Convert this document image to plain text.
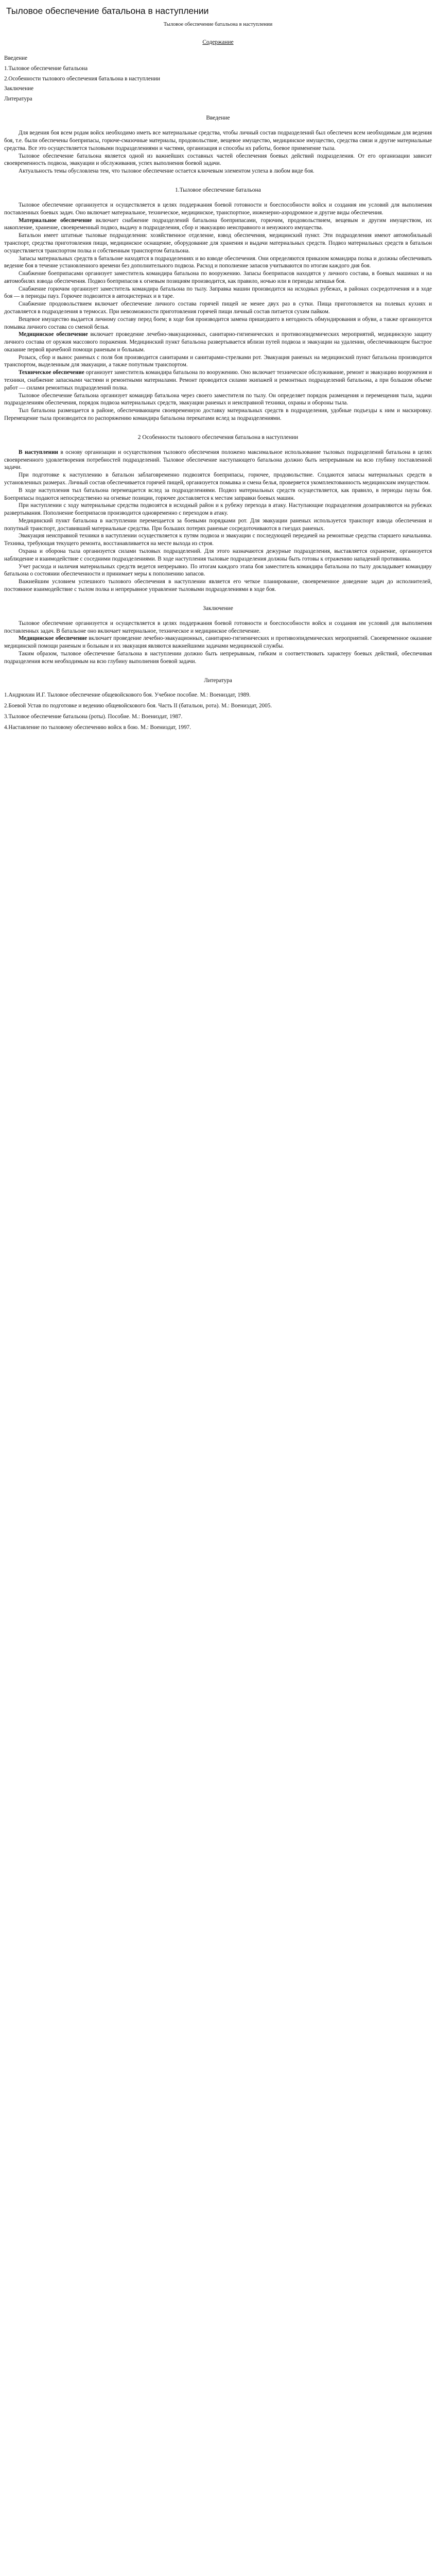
Тыловое обеспечение батальона в наступлении
Тыловое обеспечение батальона в наступлении
Содержание
Введение
1.Тыловое обеспечение батальона
2.Особенности тылового обеспечения батальона в наступлении
Заключение
Литература
Введение

Для ведения боя всем родам войск необходимо иметь все материальные средства, чтобы личный состав подразделений был обеспечен всем необходимым для ведения боя, т.е. были обеспечены боеприпасы, горюче-смазочные материалы, продовольствие, вещевое имущество, медицинское имущество, средства связи и другие материальные средства. Все это осуществляется тыловыми подразделениями и частями, организация и способы их работы, боевое применение тыла.

Тыловое обеспечение батальона является одной из важнейших составных частей обеспечения боевых действий подразделения. От его организации зависит своевременность подвоза, эвакуации и обслуживания, успех выполнения боевой задачи.

Актуальность темы обусловлена тем, что тыловое обеспечение остается ключевым элементом успеха в любом виде боя.

1.Тыловое обеспечение батальона

Тыловое обеспечение организуется и осуществляется в целях поддержания боевой готовности и боеспособности войск и создания им условий для выполнения поставленных боевых задач. Оно включает материальное, техническое, медицинское, транспортное, инженерно-аэродромное и другие виды обеспечения.

Материальное обеспечение включает снабжение подразделений батальона боеприпасами, горючим, продовольствием, вещевым и другим имуществом, их накопление, хранение, своевременный подвоз, выдачу в подразделения, сбор и эвакуацию неисправного и ненужного имущества.

Батальон имеет штатные тыловые подразделения: хозяйственное отделение, взвод обеспечения, медицинский пункт. Эти подразделения имеют автомобильный транспорт, средства приготовления пищи, медицинское оснащение, оборудование для хранения и выдачи материальных средств. Подвоз материальных средств в батальон осуществляется транспортом полка и собственным транспортом батальона.

Запасы материальных средств в батальоне находятся в подразделениях и во взводе обеспечения. Они определяются приказом командира полка и должны обеспечивать ведение боя в течение установленного времени без дополнительного подвоза. Расход и пополнение запасов учитываются по итогам каждого дня боя.

Снабжение боеприпасами организует заместитель командира батальона по вооружению. Запасы боеприпасов находятся у личного состава, в боевых машинах и на автомобилях взвода обеспечения. Подвоз боеприпасов к огневым позициям производится, как правило, ночью или в периоды затишья боя.

Снабжение горючим организует заместитель командира батальона по тылу. Заправка машин производится на исходных рубежах, в районах сосредоточения и в ходе боя — в периоды пауз. Горючее подвозится в автоцистернах и в таре.

Снабжение продовольствием включает обеспечение личного состава горячей пищей не менее двух раз в сутки. Пища приготовляется на полевых кухнях и доставляется в подразделения в термосах. При невозможности приготовления горячей пищи личный состав питается сухим пайком.

Вещевое имущество выдается личному составу перед боем; в ходе боя производится замена пришедшего в негодность обмундирования и обуви, а также организуется помывка личного состава со сменой белья.

Медицинское обеспечение включает проведение лечебно-эвакуационных, санитарно-гигиенических и противоэпидемических мероприятий, медицинскую защиту личного состава от оружия массового поражения. Медицинский пункт батальона развертывается вблизи путей подвоза и эвакуации на удалении, обеспечивающем быстрое оказание первой врачебной помощи раненым и больным.

Розыск, сбор и вынос раненых с поля боя производится санитарами и санитарами-стрелками рот. Эвакуация раненых на медицинский пункт батальона производится транспортом, выделенным для эвакуации, а также попутным транспортом.

Техническое обеспечение организует заместитель командира батальона по вооружению. Оно включает техническое обслуживание, ремонт и эвакуацию вооружения и техники, снабжение запасными частями и ремонтными материалами. Ремонт проводится силами экипажей и ремонтных подразделений батальона, а при большом объеме работ — силами ремонтных подразделений полка.

Тыловое обеспечение батальона организует командир батальона через своего заместителя по тылу. Он определяет порядок размещения и перемещения тыла, задачи подразделениям обеспечения, порядок подвоза материальных средств, эвакуации раненых и неисправной техники, охраны и обороны тыла.

Тыл батальона размещается в районе, обеспечивающем своевременную доставку материальных средств в подразделения, удобные подъезды к ним и маскировку. Перемещение тыла производится по распоряжению командира батальона перекатами вслед за подразделениями.

2 Особенности тылового обеспечения батальона в наступлении

В наступлении в основу организации и осуществления тылового обеспечения положено максимальное использование тыловых подразделений батальона в целях своевременного удовлетворения потребностей подразделений. Тыловое обеспечение наступающего батальона должно быть непрерывным на всю глубину поставленной задачи.

При подготовке к наступлению в батальон заблаговременно подвозятся боеприпасы, горючее, продовольствие. Создаются запасы материальных средств в установленных размерах. Личный состав обеспечивается горячей пищей, организуется помывка и смена белья, проверяется укомплектованность медицинским имуществом.

В ходе наступления тыл батальона перемещается вслед за подразделениями. Подвоз материальных средств осуществляется, как правило, в периоды паузы боя. Боеприпасы подаются непосредственно на огневые позиции, горючее доставляется к местам заправки боевых машин.

При наступлении с ходу материальные средства подвозятся в исходный район и к рубежу перехода в атаку. Наступающие подразделения дозаправляются на рубежах развертывания. Пополнение боеприпасов производится одновременно с переходом в атаку.

Медицинский пункт батальона в наступлении перемещается за боевыми порядками рот. Для эвакуации раненых используется транспорт взвода обеспечения и попутный транспорт, доставивший материальные средства. При больших потерях раненые сосредоточиваются в гнездах раненых.

Эвакуация неисправной техники в наступлении осуществляется к путям подвоза и эвакуации с последующей передачей на ремонтные средства старшего начальника. Техника, требующая текущего ремонта, восстанавливается на месте выхода из строя.

Охрана и оборона тыла организуется силами тыловых подразделений. Для этого назначаются дежурные подразделения, выставляется охранение, организуется наблюдение и взаимодействие с соседними подразделениями. В ходе наступления тыловые подразделения должны быть готовы к отражению нападений противника.

Учет расхода и наличия материальных средств ведется непрерывно. По итогам каждого этапа боя заместитель командира батальона по тылу докладывает командиру батальона о состоянии обеспеченности и принимает меры к пополнению запасов.

Важнейшим условием успешного тылового обеспечения в наступлении является его четкое планирование, своевременное доведение задач до исполнителей, постоянное взаимодействие с тылом полка и непрерывное управление тыловыми подразделениями в ходе боя.

Заключение

Тыловое обеспечение организуется и осуществляется в целях поддержания боевой готовности и боеспособности войск и создания им условий для выполнения поставленных задач. В батальоне оно включает материальное, техническое и медицинское обеспечение.

Медицинское обеспечение включает проведение лечебно-эвакуационных, санитарно-гигиенических и противоэпидемических мероприятий. Своевременное оказание медицинской помощи раненым и больным и их эвакуация являются важнейшими задачами медицинской службы.

Таким образом, тыловое обеспечение батальона в наступлении должно быть непрерывным, гибким и соответствовать характеру боевых действий, обеспечивая подразделения всем необходимым на всю глубину выполнения боевой задачи.

Литература
1.Андрюхин И.Г. Тыловое обеспечение общевойскового боя. Учебное пособие. М.: Воениздат, 1989.
2.Боевой Устав по подготовке и ведению общевойскового боя. Часть II (батальон, рота). М.: Воениздат, 2005.
3.Тыловое обеспечение батальона (роты). Пособие. М.: Воениздат, 1987.
4.Наставление по тыловому обеспечению войск в бою. М.: Воениздат, 1997.
